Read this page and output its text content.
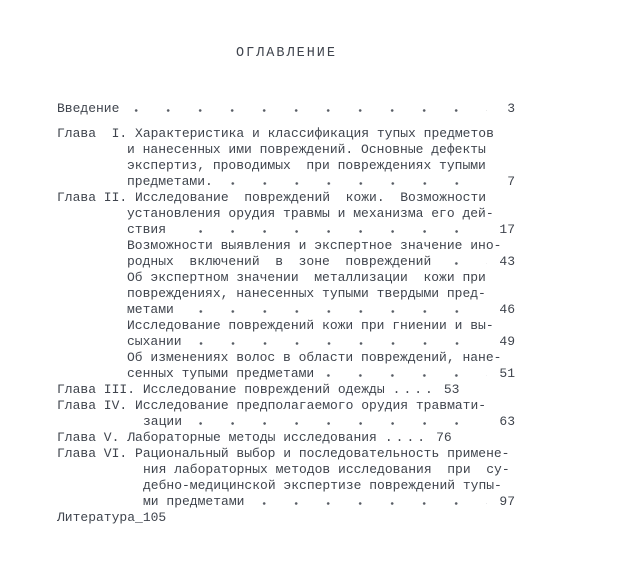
ОГЛАВЛЕНИЕ
Введение	3
Глава  I. Характеристика и классификация тупых предметов
и нанесенных ими повреждений. Основные дефекты
экспертиз, проводимых  при повреждениях тупыми
предметами.	7
Глава II. Исследование  повреждений  кожи.  Возможности
установления орудия травмы и механизма его дей-
ствия	17
Возможности выявления и экспертное значение ино-
родных  включений  в  зоне  повреждений	43
Об экспертном значении  металлизации  кожи при
повреждениях, нанесенных тупыми твердыми пред-
метами	46
Исследование повреждений кожи при гниении и вы-
сыхании	49
Об изменениях волос в области повреждений, нане-
сенных тупыми предметами	51
Глава III. Исследование повреждений одежды .... 53
Глава IV. Исследование предполагаемого орудия травмати-
зации	63
Глава V. Лабораторные методы исследования .... 76
Глава VI. Рациональный выбор и последовательность примене-
ния лабораторных методов исследования  при  су-
дебно-медицинской экспертизе повреждений тупы-
ми предметами	97
Литература_105
